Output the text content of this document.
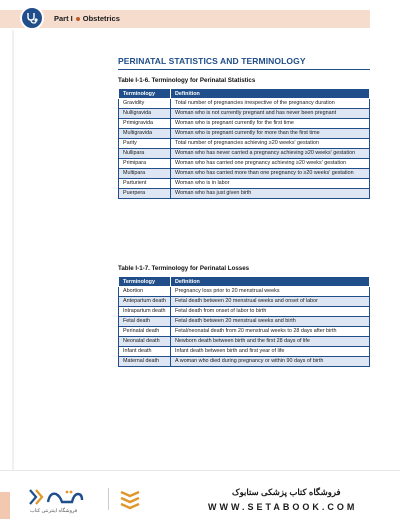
Part I Obstetrics
PERINATAL STATISTICS AND TERMINOLOGY
Table I-1-6. Terminology for Perinatal Statistics
Terminology	Definition
Gravidity	Total number of pregnancies irrespective of the pregnancy duration
Nulligravida	Woman who is not currently pregnant and has never been pregnant
Primigravida	Woman who is pregnant currently for the first time
Multigravida	Woman who is pregnant currently for more than the first time
Parity	Total number of pregnancies achieving ≥20 weeks' gestation
Nullipara	Woman who has never carried a pregnancy achieving ≥20 weeks' gestation
Primipara	Woman who has carried one pregnancy achieving ≥20 weeks' gestation
Multipara	Woman who has carried more than one pregnancy to ≥20 weeks' gestation
Parturient	Woman who is in labor
Puerpera	Woman who has just given birth
Table I-1-7. Terminology for Perinatal Losses
Terminology	Definition
Abortion	Pregnancy loss prior to 20 menstrual weeks
Antepartum death	Fetal death between 20 menstrual weeks and onset of labor
Intrapartum death	Fetal death from onset of labor to birth
Fetal death	Fetal death between 20 menstrual weeks and birth
Perinatal death	Fetal/neonatal death from 20 menstrual weeks to 28 days after birth
Neonatal death	Newborn death between birth and the first 28 days of life
Infant death	Infant death between birth and first year of life
Maternal death	A woman who died during pregnancy or within 90 days of birth
فروشگاه اینترنتی کتاب
فروشگاه کتاب پزشکی ستابوک
WWW.SETABOOK.COM
